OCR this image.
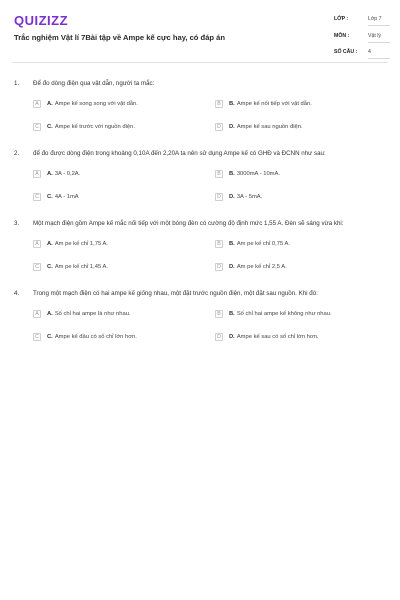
QUIZIZZ
Trắc nghiệm Vật lí 7Bài tập về Ampe kế cực hay, có đáp án
LỚP :	Lớp 7
MÔN :	Vật lý
SỐ CÂU :	4
1. Để đo dòng điện qua vật dẫn, người ta mắc:
A	A. Ampe kế song song với vật dẫn.	B	B. Ampe kế nối tiếp với vật dẫn.
C	C. Ampe kế trước với nguồn điện.	D	D. Ampe kế sau nguồn điện.
2. để đo được dòng điện trong khoảng 0,10A đến 2,20A ta nên sử dụng Ampe kế có GHĐ và ĐCNN như sau:
A	A. 3A - 0,2A.	B	B. 3000mA - 10mA.
C	C. 4A - 1mA	D	D. 3A - 5mA.
3. Một mạch điện gồm Ampe kế mắc nối tiếp với một bóng đèn có cường độ định mức 1,55 A. Đèn sẽ sáng vừa khi:
A	A. Am pe kế chỉ 1,75 A.	B	B. Am pe kế chỉ 0,75 A.
C	C. Am pe kế chỉ 1,45 A.	D	D. Am pe kế chỉ 2,5 A.
4. Trong một mạch điện có hai ampe kế giống nhau, một đặt trước nguồn điện, một đặt sau nguồn. Khi đó:
A	A. Số chỉ hai ampe là như nhau.	B	B. Số chỉ hai ampe kế không như nhau.
C	C. Ampe kế đầu có số chỉ lớn hơn.	D	D. Ampe kế sau có số chỉ lớn hơn.
